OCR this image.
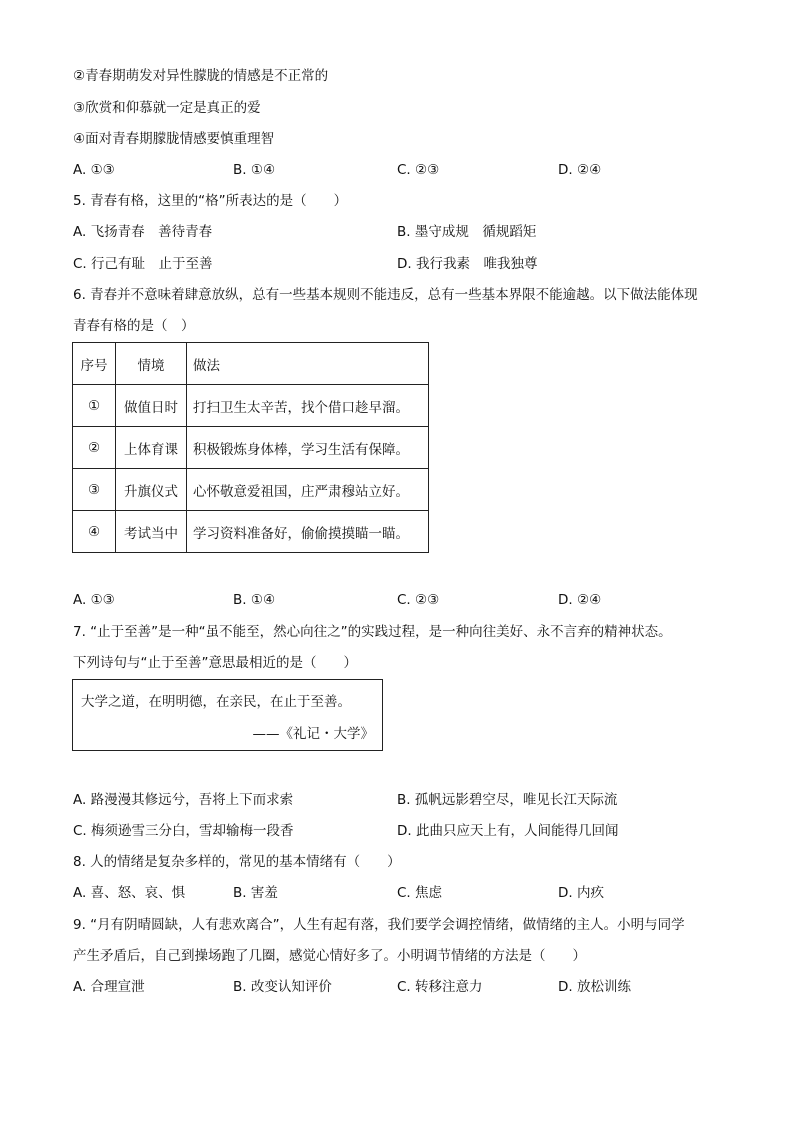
②青春期萌发对异性朦胧的情感是不正常的
③欣赏和仰慕就一定是真正的爱
④面对青春期朦胧情感要慎重理智
A. ①③	B. ①④	C. ②③	D. ②④
5. 青春有格，这里的“格”所表达的是（　　）
A. 飞扬青春　善待青春	B. 墨守成规　循规蹈矩
C. 行己有耻　止于至善	D. 我行我素　唯我独尊
6. 青春并不意味着肆意放纵，总有一些基本规则不能违反，总有一些基本界限不能逾越。以下做法能体现
青春有格的是（　）
序号	情境	做法
①	做值日时	打扫卫生太辛苦，找个借口趁早溜。
②	上体育课	积极锻炼身体棒，学习生活有保障。
③	升旗仪式	心怀敬意爱祖国，庄严肃穆站立好。
④	考试当中	学习资料准备好，偷偷摸摸瞄一瞄。
A. ①③	B. ①④	C. ②③	D. ②④
7. “止于至善”是一种“虽不能至，然心向往之”的实践过程，是一种向往美好、永不言弃的精神状态。
下列诗句与“止于至善”意思最相近的是（　　）
大学之道，在明明德，在亲民，在止于至善。
——《礼记・大学》
A. 路漫漫其修远兮，吾将上下而求索	B. 孤帆远影碧空尽，唯见长江天际流
C. 梅须逊雪三分白，雪却输梅一段香	D. 此曲只应天上有，人间能得几回闻
8. 人的情绪是复杂多样的，常见的基本情绪有（　　）
A. 喜、怒、哀、惧	B. 害羞	C. 焦虑	D. 内疚
9. “月有阴晴圆缺，人有悲欢离合”，人生有起有落，我们要学会调控情绪，做情绪的主人。小明与同学
产生矛盾后，自己到操场跑了几圈，感觉心情好多了。小明调节情绪的方法是（　　）
A. 合理宣泄	B. 改变认知评价	C. 转移注意力	D. 放松训练
